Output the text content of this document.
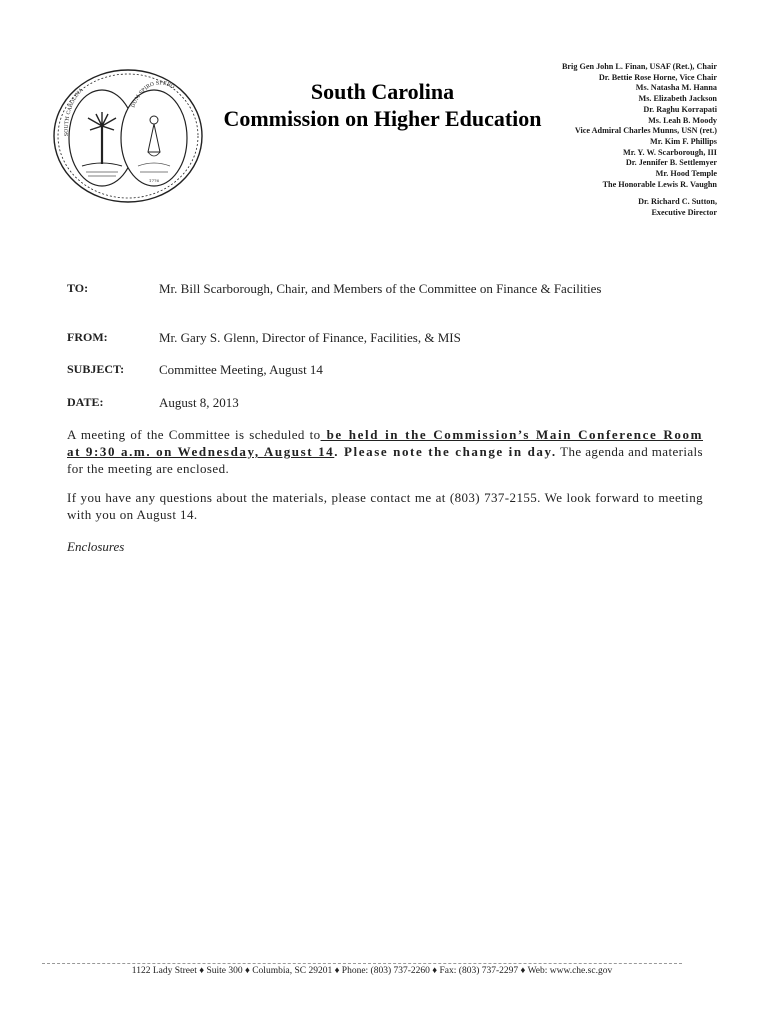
SOUTH CAROLINA
DUM SPIRO SPERO
1776
South Carolina
Commission on Higher Education
Brig Gen John L. Finan, USAF (Ret.), Chair
Dr. Bettie Rose Horne, Vice Chair
Ms. Natasha M. Hanna
Ms. Elizabeth Jackson
Dr. Raghu Korrapati
Ms. Leah B. Moody
Vice Admiral Charles Munns, USN (ret.)
Mr. Kim F. Phillips
Mr. Y. W. Scarborough, III
Dr. Jennifer B. Settlemyer
Mr. Hood Temple
The Honorable Lewis R. Vaughn
Dr. Richard C. Sutton,
Executive Director
TO:	Mr. Bill Scarborough, Chair, and Members of the Committee on Finance & Facilities
FROM:	Mr. Gary S. Glenn, Director of Finance, Facilities, & MIS
SUBJECT:	Committee Meeting, August 14
DATE:	August 8, 2013
A meeting of the Committee is scheduled to be held in the Commission’s Main Conference Room at 9:30 a.m. on Wednesday, August 14. Please note the change in day. The agenda and materials for the meeting are enclosed.
If you have any questions about the materials, please contact me at (803) 737-2155. We look forward to meeting with you on August 14.
Enclosures
1122 Lady Street ♦ Suite 300 ♦ Columbia, SC 29201 ♦ Phone: (803) 737-2260 ♦ Fax: (803) 737-2297 ♦ Web: www.che.sc.gov
